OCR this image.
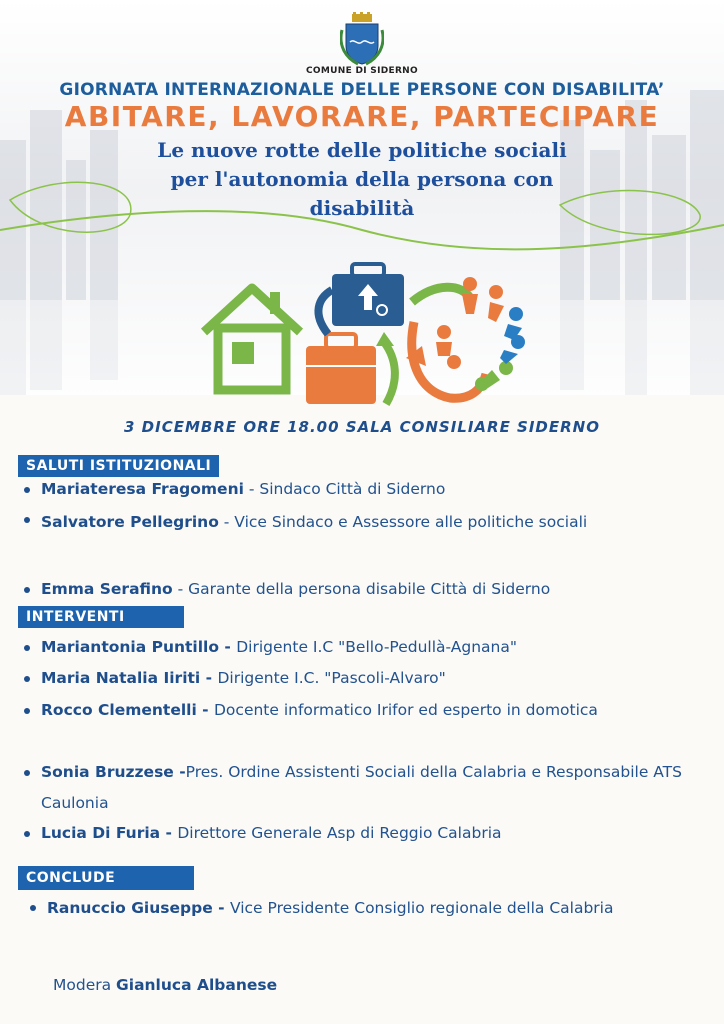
COMUNE DI SIDERNO
GIORNATA INTERNAZIONALE DELLE PERSONE CON DISABILITA’
ABITARE, LAVORARE, PARTECIPARE
Le nuove rotte delle politiche sociali
per l'autonomia della persona con
disabilità
3 DICEMBRE ORE 18.00 SALA CONSILIARE SIDERNO
SALUTI ISTITUZIONALI
Mariateresa Fragomeni - Sindaco Città di Siderno
Salvatore Pellegrino - Vice Sindaco e Assessore alle politiche sociali
Emma Serafino - Garante della persona disabile Città di Siderno
INTERVENTI
Mariantonia Puntillo - Dirigente I.C "Bello-Pedullà-Agnana"
Maria Natalia Iiriti - Dirigente I.C. "Pascoli-Alvaro"
Rocco Clementelli - Docente informatico Irifor ed esperto in domotica
Sonia Bruzzese -Pres. Ordine Assistenti Sociali della Calabria e Responsabile ATS Caulonia
Lucia Di Furia - Direttore Generale Asp di Reggio Calabria
CONCLUDE
Ranuccio Giuseppe - Vice Presidente Consiglio regionale della Calabria
Modera Gianluca Albanese
